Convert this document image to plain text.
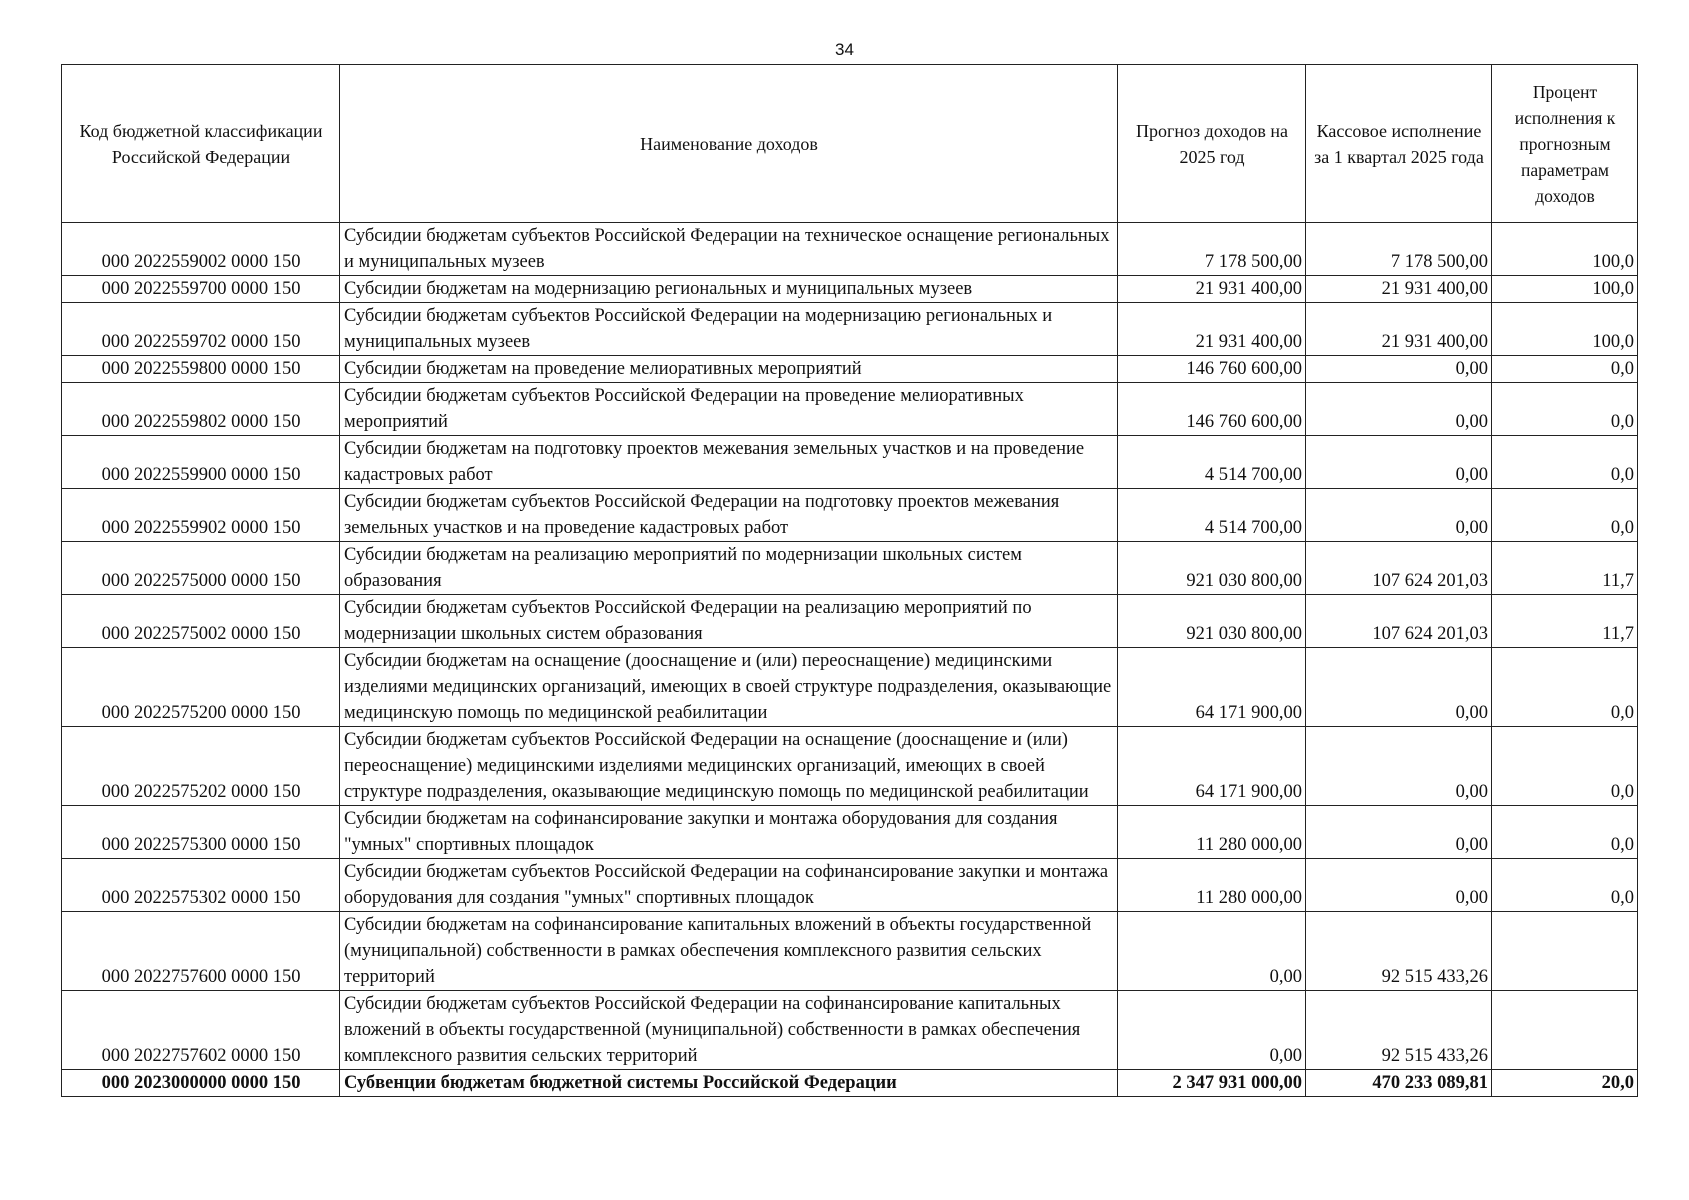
34
Код бюджетной классификации Российской Федерации	Наименование доходов	Прогноз доходов на 2025 год	Кассовое исполнение за 1 квартал 2025 года	Процент исполнения к прогнозным параметрам доходов
000 2022559002 0000 150	Субсидии бюджетам субъектов Российской Федерации на техническое оснащение региональных и муниципальных музеев	7 178 500,00	7 178 500,00	100,0
000 2022559700 0000 150	Субсидии бюджетам на модернизацию региональных и муниципальных музеев	21 931 400,00	21 931 400,00	100,0
000 2022559702 0000 150	Субсидии бюджетам субъектов Российской Федерации на модернизацию региональных и муниципальных музеев	21 931 400,00	21 931 400,00	100,0
000 2022559800 0000 150	Субсидии бюджетам на проведение мелиоративных мероприятий	146 760 600,00	0,00	0,0
000 2022559802 0000 150	Субсидии бюджетам субъектов Российской Федерации на проведение мелиоративных мероприятий	146 760 600,00	0,00	0,0
000 2022559900 0000 150	Субсидии бюджетам на подготовку проектов межевания земельных участков и на проведение кадастровых работ	4 514 700,00	0,00	0,0
000 2022559902 0000 150	Субсидии бюджетам субъектов Российской Федерации на подготовку проектов межевания земельных участков и на проведение кадастровых работ	4 514 700,00	0,00	0,0
000 2022575000 0000 150	Субсидии бюджетам на реализацию мероприятий по модернизации школьных систем образования	921 030 800,00	107 624 201,03	11,7
000 2022575002 0000 150	Субсидии бюджетам субъектов Российской Федерации на реализацию мероприятий по модернизации школьных систем образования	921 030 800,00	107 624 201,03	11,7
000 2022575200 0000 150	Субсидии бюджетам на оснащение (дооснащение и (или) переоснащение) медицинскими изделиями медицинских организаций, имеющих в своей структуре подразделения, оказывающие медицинскую помощь по медицинской реабилитации	64 171 900,00	0,00	0,0
000 2022575202 0000 150	Субсидии бюджетам субъектов Российской Федерации на оснащение (дооснащение и (или) переоснащение) медицинскими изделиями медицинских организаций, имеющих в своей структуре подразделения, оказывающие медицинскую помощь по медицинской реабилитации	64 171 900,00	0,00	0,0
000 2022575300 0000 150	Субсидии бюджетам на софинансирование закупки и монтажа оборудования для создания "умных" спортивных площадок	11 280 000,00	0,00	0,0
000 2022575302 0000 150	Субсидии бюджетам субъектов Российской Федерации на софинансирование закупки и монтажа оборудования для создания "умных" спортивных площадок	11 280 000,00	0,00	0,0
000 2022757600 0000 150	Субсидии бюджетам на софинансирование капитальных вложений в объекты государственной (муниципальной) собственности в рамках обеспечения комплексного развития сельских территорий	0,00	92 515 433,26	
000 2022757602 0000 150	Субсидии бюджетам субъектов Российской Федерации на софинансирование капитальных вложений в объекты государственной (муниципальной) собственности в рамках обеспечения комплексного развития сельских территорий	0,00	92 515 433,26	
000 2023000000 0000 150	Субвенции бюджетам бюджетной системы Российской Федерации	2 347 931 000,00	470 233 089,81	20,0
